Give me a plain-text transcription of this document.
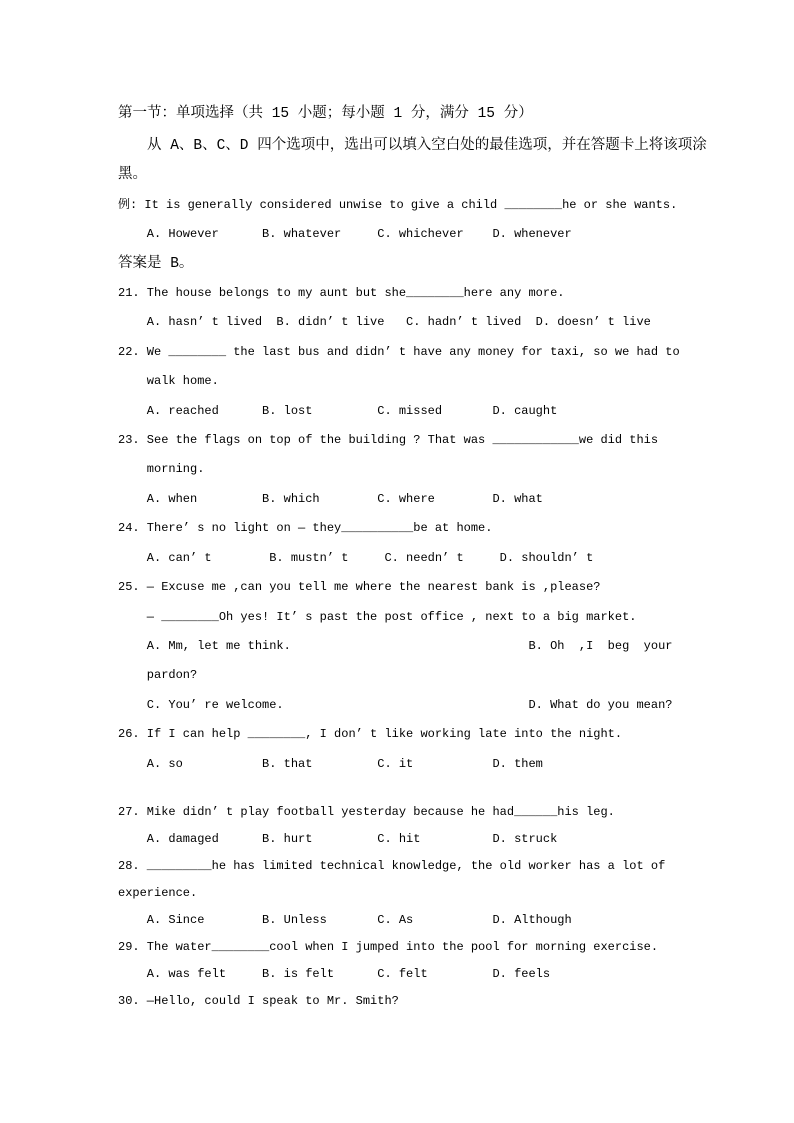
第一节：单项选择（共 15 小题；每小题 1 分，满分 15 分）
从 A、B、C、D 四个选项中，选出可以填入空白处的最佳选项，并在答题卡上将该项涂
黑。
例: It is generally considered unwise to give a child ________he or she wants.
A. However      B. whatever     C. whichever    D. whenever
答案是 B。
21. The house belongs to my aunt but she________here any more.
A. hasn’ t lived  B. didn’ t live   C. hadn’ t lived  D. doesn’ t live
22. We ________ the last bus and didn’ t have any money for taxi, so we had to
walk home.
A. reached      B. lost         C. missed       D. caught
23. See the flags on top of the building ? That was ____________we did this
morning.
A. when         B. which        C. where        D. what
24. There’ s no light on — they__________be at home.
A. can’ t        B. mustn’ t     C. needn’ t     D. shouldn’ t
25. — Excuse me ,can you tell me where the nearest bank is ,please?
— ________Oh yes! It’ s past the post office , next to a big market.
A. Mm, let me think.                                 B. Oh  ,I  beg  your
pardon?
C. You’ re welcome.                                  D. What do you mean?
26. If I can help ________, I don’ t like working late into the night.
A. so           B. that         C. it           D. them
27. Mike didn’ t play football yesterday because he had______his leg.
A. damaged      B. hurt         C. hit          D. struck
28. _________he has limited technical knowledge, the old worker has a lot of
experience.
A. Since        B. Unless       C. As           D. Although
29. The water________cool when I jumped into the pool for morning exercise.
A. was felt     B. is felt      C. felt         D. feels
30. —Hello, could I speak to Mr. Smith?
